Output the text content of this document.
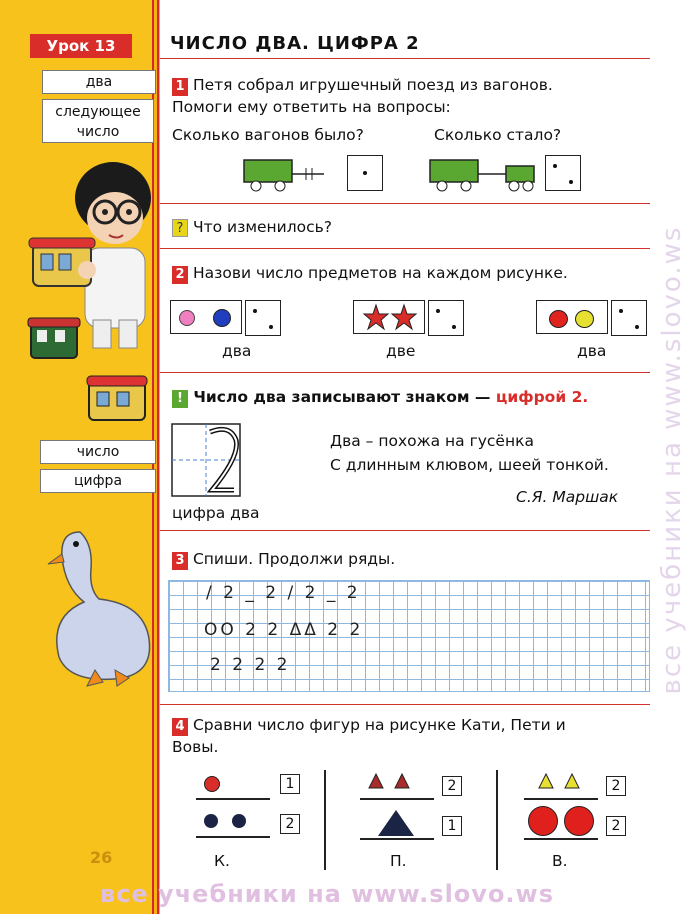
Урок 13
два
следующее
число
число
цифра
26
ЧИСЛО ДВА. ЦИФРА 2
1 Петя собрал игрушечный поезд из вагонов.
Помоги ему ответить на вопросы:
Сколько вагонов было?	Сколько стало?
? Что изменилось?
2 Назови число предметов на каждом рисунке.
два	две	два
! Число два записывают знаком — цифрой 2.
цифра два
Два – похожа на гусёнка
С длинным клювом, шеей тонкой.
С.Я. Маршак
3 Спиши. Продолжи ряды.
/ 2 _ 2 / 2 _ 2
OO 2 2 ΔΔ 2 2
2 2 2 2
4 Сравни число фигур на рисунке Кати, Пети и
Вовы.
1
2
К.
2
1
П.
2
2
В.
все учебники на www.slovo.ws
все учебники на www.slovo.ws
